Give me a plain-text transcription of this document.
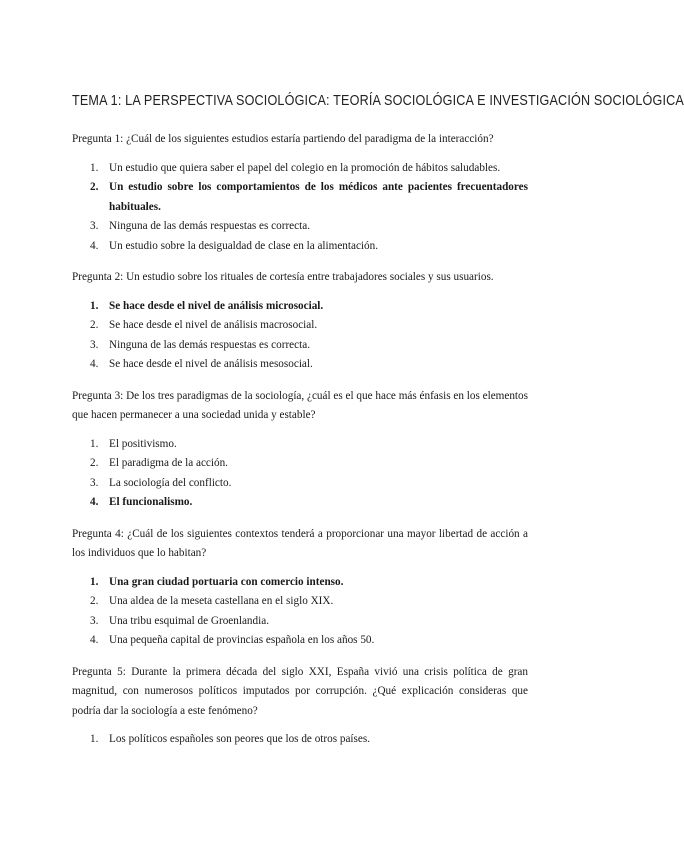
TEMA 1: LA PERSPECTIVA SOCIOLÓGICA: TEORÍA SOCIOLÓGICA E INVESTIGACIÓN SOCIOLÓGICA

Pregunta 1: ¿Cuál de los siguientes estudios estaría partiendo del paradigma de la interacción?

1. Un estudio que quiera saber el papel del colegio en la promoción de hábitos saludables.
2. Un estudio sobre los comportamientos de los médicos ante pacientes frecuentadores habituales.
3. Ninguna de las demás respuestas es correcta.
4. Un estudio sobre la desigualdad de clase en la alimentación.

Pregunta 2: Un estudio sobre los rituales de cortesía entre trabajadores sociales y sus usuarios.

1. Se hace desde el nivel de análisis microsocial.
2. Se hace desde el nivel de análisis macrosocial.
3. Ninguna de las demás respuestas es correcta.
4. Se hace desde el nivel de análisis mesosocial.

Pregunta 3: De los tres paradigmas de la sociología, ¿cuál es el que hace más énfasis en los elementos que hacen permanecer a una sociedad unida y estable?

1. El positivismo.
2. El paradigma de la acción.
3. La sociología del conflicto.
4. El funcionalismo.

Pregunta 4: ¿Cuál de los siguientes contextos tenderá a proporcionar una mayor libertad de acción a los individuos que lo habitan?

1. Una gran ciudad portuaria con comercio intenso.
2. Una aldea de la meseta castellana en el siglo XIX.
3. Una tribu esquimal de Groenlandia.
4. Una pequeña capital de provincias española en los años 50.

Pregunta 5: Durante la primera década del siglo XXI, España vivió una crisis política de gran magnitud, con numerosos políticos imputados por corrupción. ¿Qué explicación consideras que podría dar la sociología a este fenómeno?

1. Los políticos españoles son peores que los de otros países.
